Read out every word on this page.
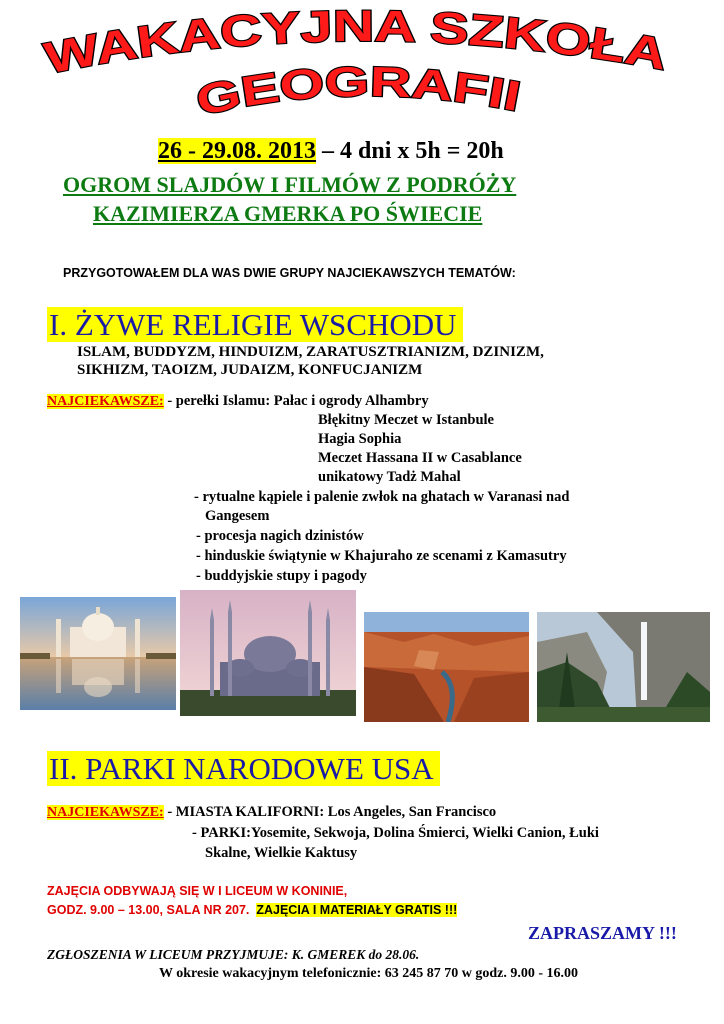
WAKACYJNA SZKOŁA
GEOGRAFII
26 - 29.08. 2013 – 4 dni x 5h = 20h
OGROM SLAJDÓW I FILMÓW Z PODRÓŻY
KAZIMIERZA GMERKA PO ŚWIECIE
PRZYGOTOWAŁEM DLA WAS DWIE GRUPY NAJCIEKAWSZYCH TEMATÓW:
I. ŻYWE RELIGIE WSCHODU
ISLAM, BUDDYZM, HINDUIZM, ZARATUSZTRIANIZM, DZINIZM,
SIKHIZM, TAOIZM, JUDAIZM, KONFUCJANIZM
NAJCIEKAWSZE: - perełki Islamu: Pałac i ogrody Alhambry
Błękitny Meczet w Istanbule
Hagia Sophia
Meczet Hassana II w Casablance
unikatowy Tadż Mahal
- rytualne kąpiele i palenie zwłok na ghatach w Varanasi nad
Gangesem
- procesja nagich dzinistów
- hinduskie świątynie w Khajuraho ze scenami z Kamasutry
- buddyjskie stupy i pagody
II. PARKI NARODOWE USA
NAJCIEKAWSZE: - MIASTA KALIFORNI: Los Angeles, San Francisco
- PARKI:Yosemite, Sekwoja, Dolina Śmierci, Wielki Canion, Łuki
Skalne, Wielkie Kaktusy
ZAJĘCIA ODBYWAJĄ SIĘ W I LICEUM W KONINIE,
GODZ. 9.00 – 13.00, SALA NR 207. ZAJĘCIA I MATERIAŁY GRATIS !!!
ZAPRASZAMY !!!
ZGŁOSZENIA W LICEUM PRZYJMUJE: K. GMEREK do 28.06.
W okresie wakacyjnym telefonicznie: 63 245 87 70 w godz. 9.00 - 16.00
